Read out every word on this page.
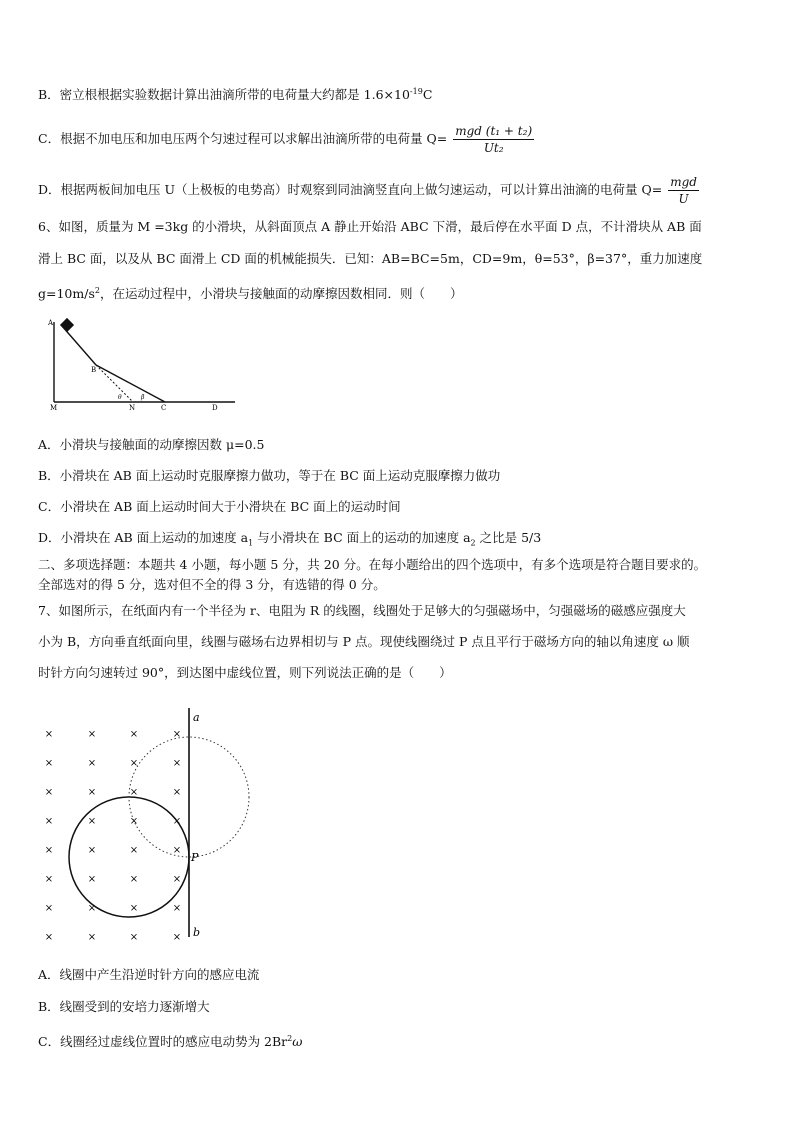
B．密立根根据实验数据计算出油滴所带的电荷量大约都是 $1.6\times 10^{-19}C$
C．根据不加电压和加电压两个匀速过程可以求解出油滴所带的电荷量 $Q= \frac{\text{mgd (t₁ + t₂)}}{\text{Ut₂}}$
D．根据两板间加电压 U（上极板的电势高）时观察到同油滴竖直向上做匀速运动，可以计算出油滴的电荷量 $Q= \frac{\text{mgd}}{U}$
6、如图，质量为 M =3kg 的小滑块，从斜面顶点 A 静止开始沿 ABC 下滑，最后停在水平面 D 点，不计滑块从 AB 面
滑上 BC 面，以及从 BC 面滑上 CD 面的机械能损失．已知：AB=BC=5m，CD=9m，θ=53°，β=37°，重力加速度
$g=10m/s^2$，在运动过程中，小滑块与接触面的动摩擦因数相同．则（　　）
A
B
M	N	C	D
θ	β
A．小滑块与接触面的动摩擦因数 μ=0.5
B．小滑块在 AB 面上运动时克服摩擦力做功，等于在 BC 面上运动克服摩擦力做功
C．小滑块在 AB 面上运动时间大于小滑块在 BC 面上的运动时间
D．小滑块在 AB 面上运动的加速度 $a_1$ 与小滑块在 BC 面上的运动的加速度 $a_2$ 之比是 5/3
二、多项选择题：本题共 4 小题，每小题 5 分，共 20 分。在每小题给出的四个选项中，有多个选项是符合题目要求的。
全部选对的得 5 分，选对但不全的得 3 分，有选错的得 0 分。
7、如图所示，在纸面内有一个半径为 r、电阻为 R 的线圈，线圈处于足够大的匀强磁场中，匀强磁场的磁感应强度大
小为 B，方向垂直纸面向里，线圈与磁场右边界相切与 P 点。现使线圈绕过 P 点且平行于磁场方向的轴以角速度 ω 顺
时针方向匀速转过 90°，到达图中虚线位置，则下列说法正确的是（　　）
×	×	×	×
×	×	×	×
×	×	×	×
×	×	×	×
×	×	×	×
×	×	×	×
×	×	×	×
×	×	×	×
a
b
P
A．线圈中产生沿逆时针方向的感应电流
B．线圈受到的安培力逐渐增大
C．线圈经过虚线位置时的感应电动势为 2Br$^2$ω
